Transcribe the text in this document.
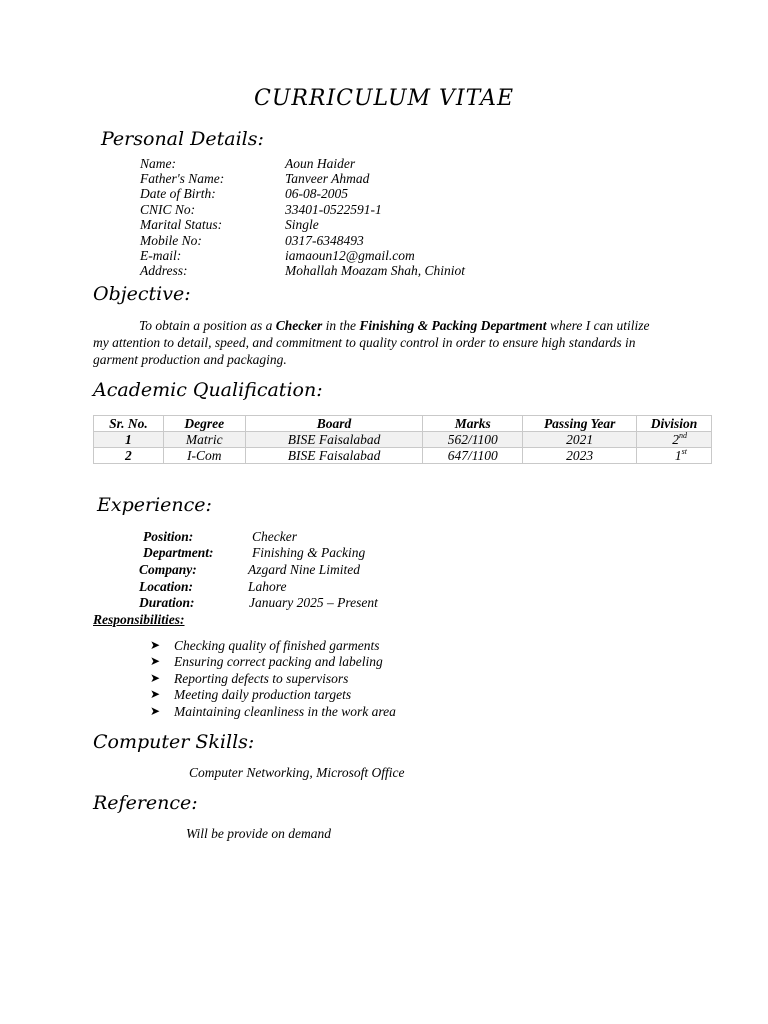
CURRICULUM VITAE
Personal Details:
Name:	Aoun Haider
Father's Name:	Tanveer Ahmad
Date of Birth:	06-08-2005
CNIC No:	33401-0522591-1
Marital Status:	Single
Mobile No:	0317-6348493
E-mail:	iamaoun12@gmail.com
Address:	Mohallah Moazam Shah, Chiniot
Objective:
To obtain a position as a Checker in the Finishing & Packing Department where I can utilize my attention to detail, speed, and commitment to quality control in order to ensure high standards in garment production and packaging.
Academic Qualification:
Sr. No.	Degree	Board	Marks	Passing Year	Division
1	Matric	BISE Faisalabad	562/1100	2021	2nd
2	I-Com	BISE Faisalabad	647/1100	2023	1st
Experience:
Position:	Checker
Department:	Finishing & Packing
Company:	Azgard Nine Limited
Location:	Lahore
Duration:	January 2025 – Present
Responsibilities:
➤ Checking quality of finished garments
➤ Ensuring correct packing and labeling
➤ Reporting defects to supervisors
➤ Meeting daily production targets
➤ Maintaining cleanliness in the work area
Computer Skills:
Computer Networking, Microsoft Office
Reference:
Will be provide on demand
